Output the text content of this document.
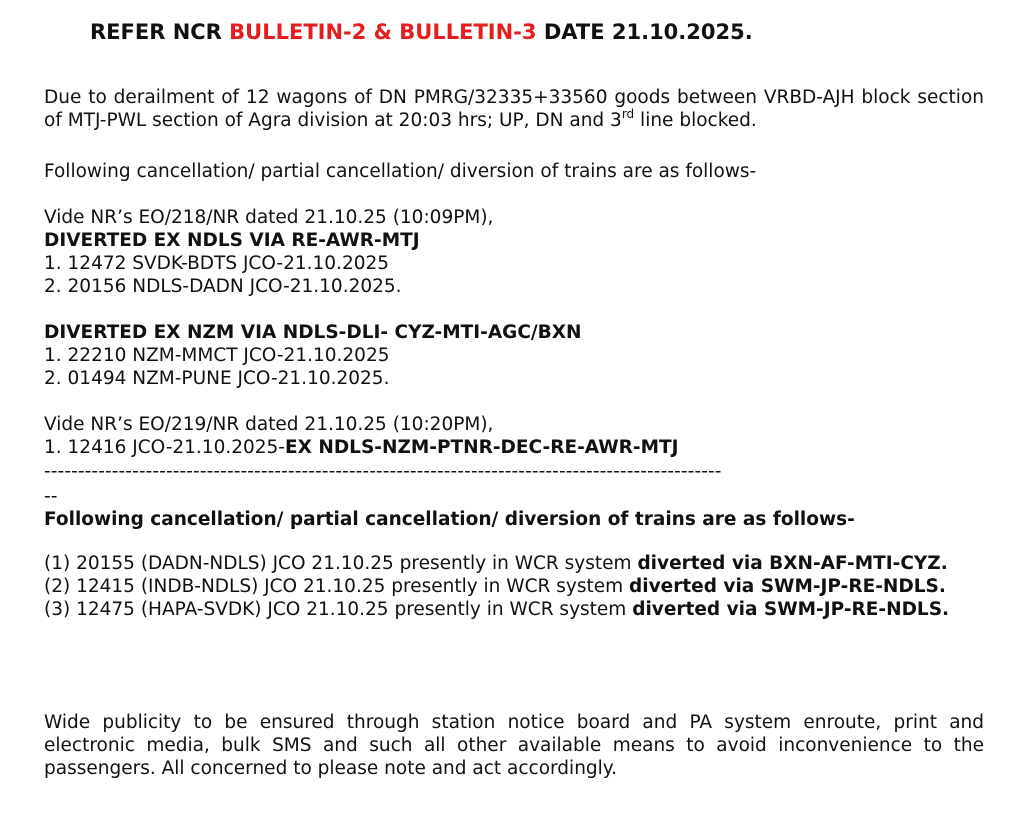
REFER NCR BULLETIN-2 & BULLETIN-3 DATE 21.10.2025.
Due to derailment of 12 wagons of DN PMRG/32335+33560 goods between VRBD-AJH block section of MTJ-PWL section of Agra division at 20:03 hrs; UP, DN and 3rd line blocked.
Following cancellation/ partial cancellation/ diversion of trains are as follows-
Vide NR’s EO/218/NR dated 21.10.25 (10:09PM),
DIVERTED EX NDLS VIA RE-AWR-MTJ
1. 12472 SVDK-BDTS JCO-21.10.2025
2. 20156 NDLS-DADN JCO-21.10.2025.
DIVERTED EX NZM VIA NDLS-DLI- CYZ-MTI-AGC/BXN
1. 22210 NZM-MMCT JCO-21.10.2025
2. 01494 NZM-PUNE JCO-21.10.2025.
Vide NR’s EO/219/NR dated 21.10.25 (10:20PM),
1. 12416 JCO-21.10.2025-EX NDLS-NZM-PTNR-DEC-RE-AWR-MTJ
----------------------------------------------------------------------------------------------------
--
Following cancellation/ partial cancellation/ diversion of trains are as follows-
(1) 20155 (DADN-NDLS) JCO 21.10.25 presently in WCR system diverted via BXN-AF-MTI-CYZ.
(2) 12415 (INDB-NDLS) JCO 21.10.25 presently in WCR system diverted via SWM-JP-RE-NDLS.
(3) 12475 (HAPA-SVDK) JCO 21.10.25 presently in WCR system diverted via SWM-JP-RE-NDLS.
Wide publicity to be ensured through station notice board and PA system enroute, print and electronic media, bulk SMS and such all other available means to avoid inconvenience to the passengers. All concerned to please note and act accordingly.
